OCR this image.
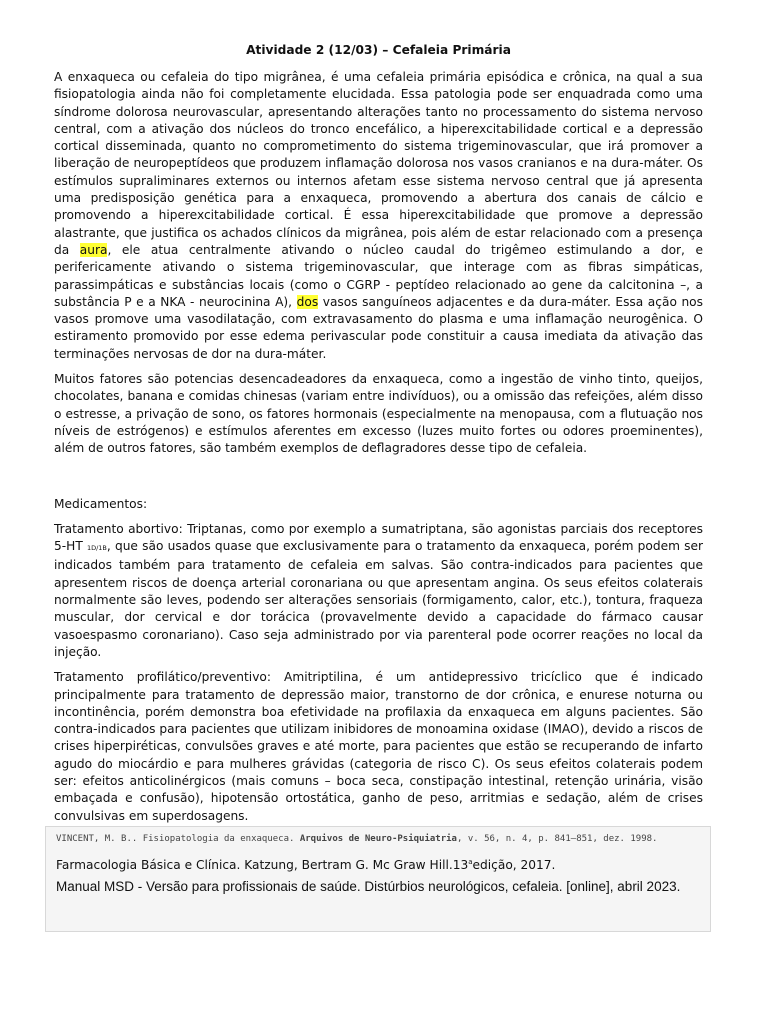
Atividade 2 (12/03) – Cefaleia Primária

A enxaqueca ou cefaleia do tipo migrânea, é uma cefaleia primária episódica e crônica, na qual a sua fisiopatologia ainda não foi completamente elucidada. Essa patologia pode ser enquadrada como uma síndrome dolorosa neurovascular, apresentando alterações tanto no processamento do sistema nervoso central, com a ativação dos núcleos do tronco encefálico, a hiperexcitabilidade cortical e a depressão cortical disseminada, quanto no comprometimento do sistema trigeminovascular, que irá promover a liberação de neuropeptídeos que produzem inflamação dolorosa nos vasos cranianos e na dura-máter. Os estímulos supraliminares externos ou internos afetam esse sistema nervoso central que já apresenta uma predisposição genética para a enxaqueca, promovendo a abertura dos canais de cálcio e promovendo a hiperexcitabilidade cortical. É essa hiperexcitabilidade que promove a depressão alastrante, que justifica os achados clínicos da migrânea, pois além de estar relacionado com a presença da aura, ele atua centralmente ativando o núcleo caudal do trigêmeo estimulando a dor, e perifericamente ativando o sistema trigeminovascular, que interage com as fibras simpáticas, parassimpáticas e substâncias locais (como o CGRP - peptídeo relacionado ao gene da calcitonina –, a substância P e a NKA - neurocinina A), dos vasos sanguíneos adjacentes e da dura-máter. Essa ação nos vasos promove uma vasodilatação, com extravasamento do plasma e uma inflamação neurogênica. O estiramento promovido por esse edema perivascular pode constituir a causa imediata da ativação das terminações nervosas de dor na dura-máter.

Muitos fatores são potencias desencadeadores da enxaqueca, como a ingestão de vinho tinto, queijos, chocolates, banana e comidas chinesas (variam entre indivíduos), ou a omissão das refeições, além disso o estresse, a privação de sono, os fatores hormonais (especialmente na menopausa, com a flutuação nos níveis de estrógenos) e estímulos aferentes em excesso (luzes muito fortes ou odores proeminentes), além de outros fatores, são também exemplos de deflagradores desse tipo de cefaleia.

Medicamentos:

Tratamento abortivo: Triptanas, como por exemplo a sumatriptana, são agonistas parciais dos receptores 5-HT 1D/1B, que são usados quase que exclusivamente para o tratamento da enxaqueca, porém podem ser indicados também para tratamento de cefaleia em salvas. São contra-indicados para pacientes que apresentem riscos de doença arterial coronariana ou que apresentam angina. Os seus efeitos colaterais normalmente são leves, podendo ser alterações sensoriais (formigamento, calor, etc.), tontura, fraqueza muscular, dor cervical e dor torácica (provavelmente devido a capacidade do fármaco causar vasoespasmo coronariano). Caso seja administrado por via parenteral pode ocorrer reações no local da injeção.

Tratamento profilático/preventivo: Amitriptilina, é um antidepressivo tricíclico que é indicado principalmente para tratamento de depressão maior, transtorno de dor crônica, e enurese noturna ou incontinência, porém demonstra boa efetividade na profilaxia da enxaqueca em alguns pacientes. São contra-indicados para pacientes que utilizam inibidores de monoamina oxidase (IMAO), devido a riscos de crises hiperpiréticas, convulsões graves e até morte, para pacientes que estão se recuperando de infarto agudo do miocárdio e para mulheres grávidas (categoria de risco C). Os seus efeitos colaterais podem ser: efeitos anticolinérgicos (mais comuns – boca seca, constipação intestinal, retenção urinária, visão embaçada e confusão), hipotensão ortostática, ganho de peso, arritmias e sedação, além de crises convulsivas em superdosagens.

VINCENT, M. B.. Fisiopatologia da enxaqueca. Arquivos de Neuro-Psiquiatria, v. 56, n. 4, p. 841–851, dez. 1998.

Farmacologia Básica e Clínica. Katzung, Bertram G. Mc Graw Hill.13$^a$edição, 2017.

Manual MSD - Versão para profissionais de saúde. Distúrbios neurológicos, cefaleia. [online], abril 2023.
